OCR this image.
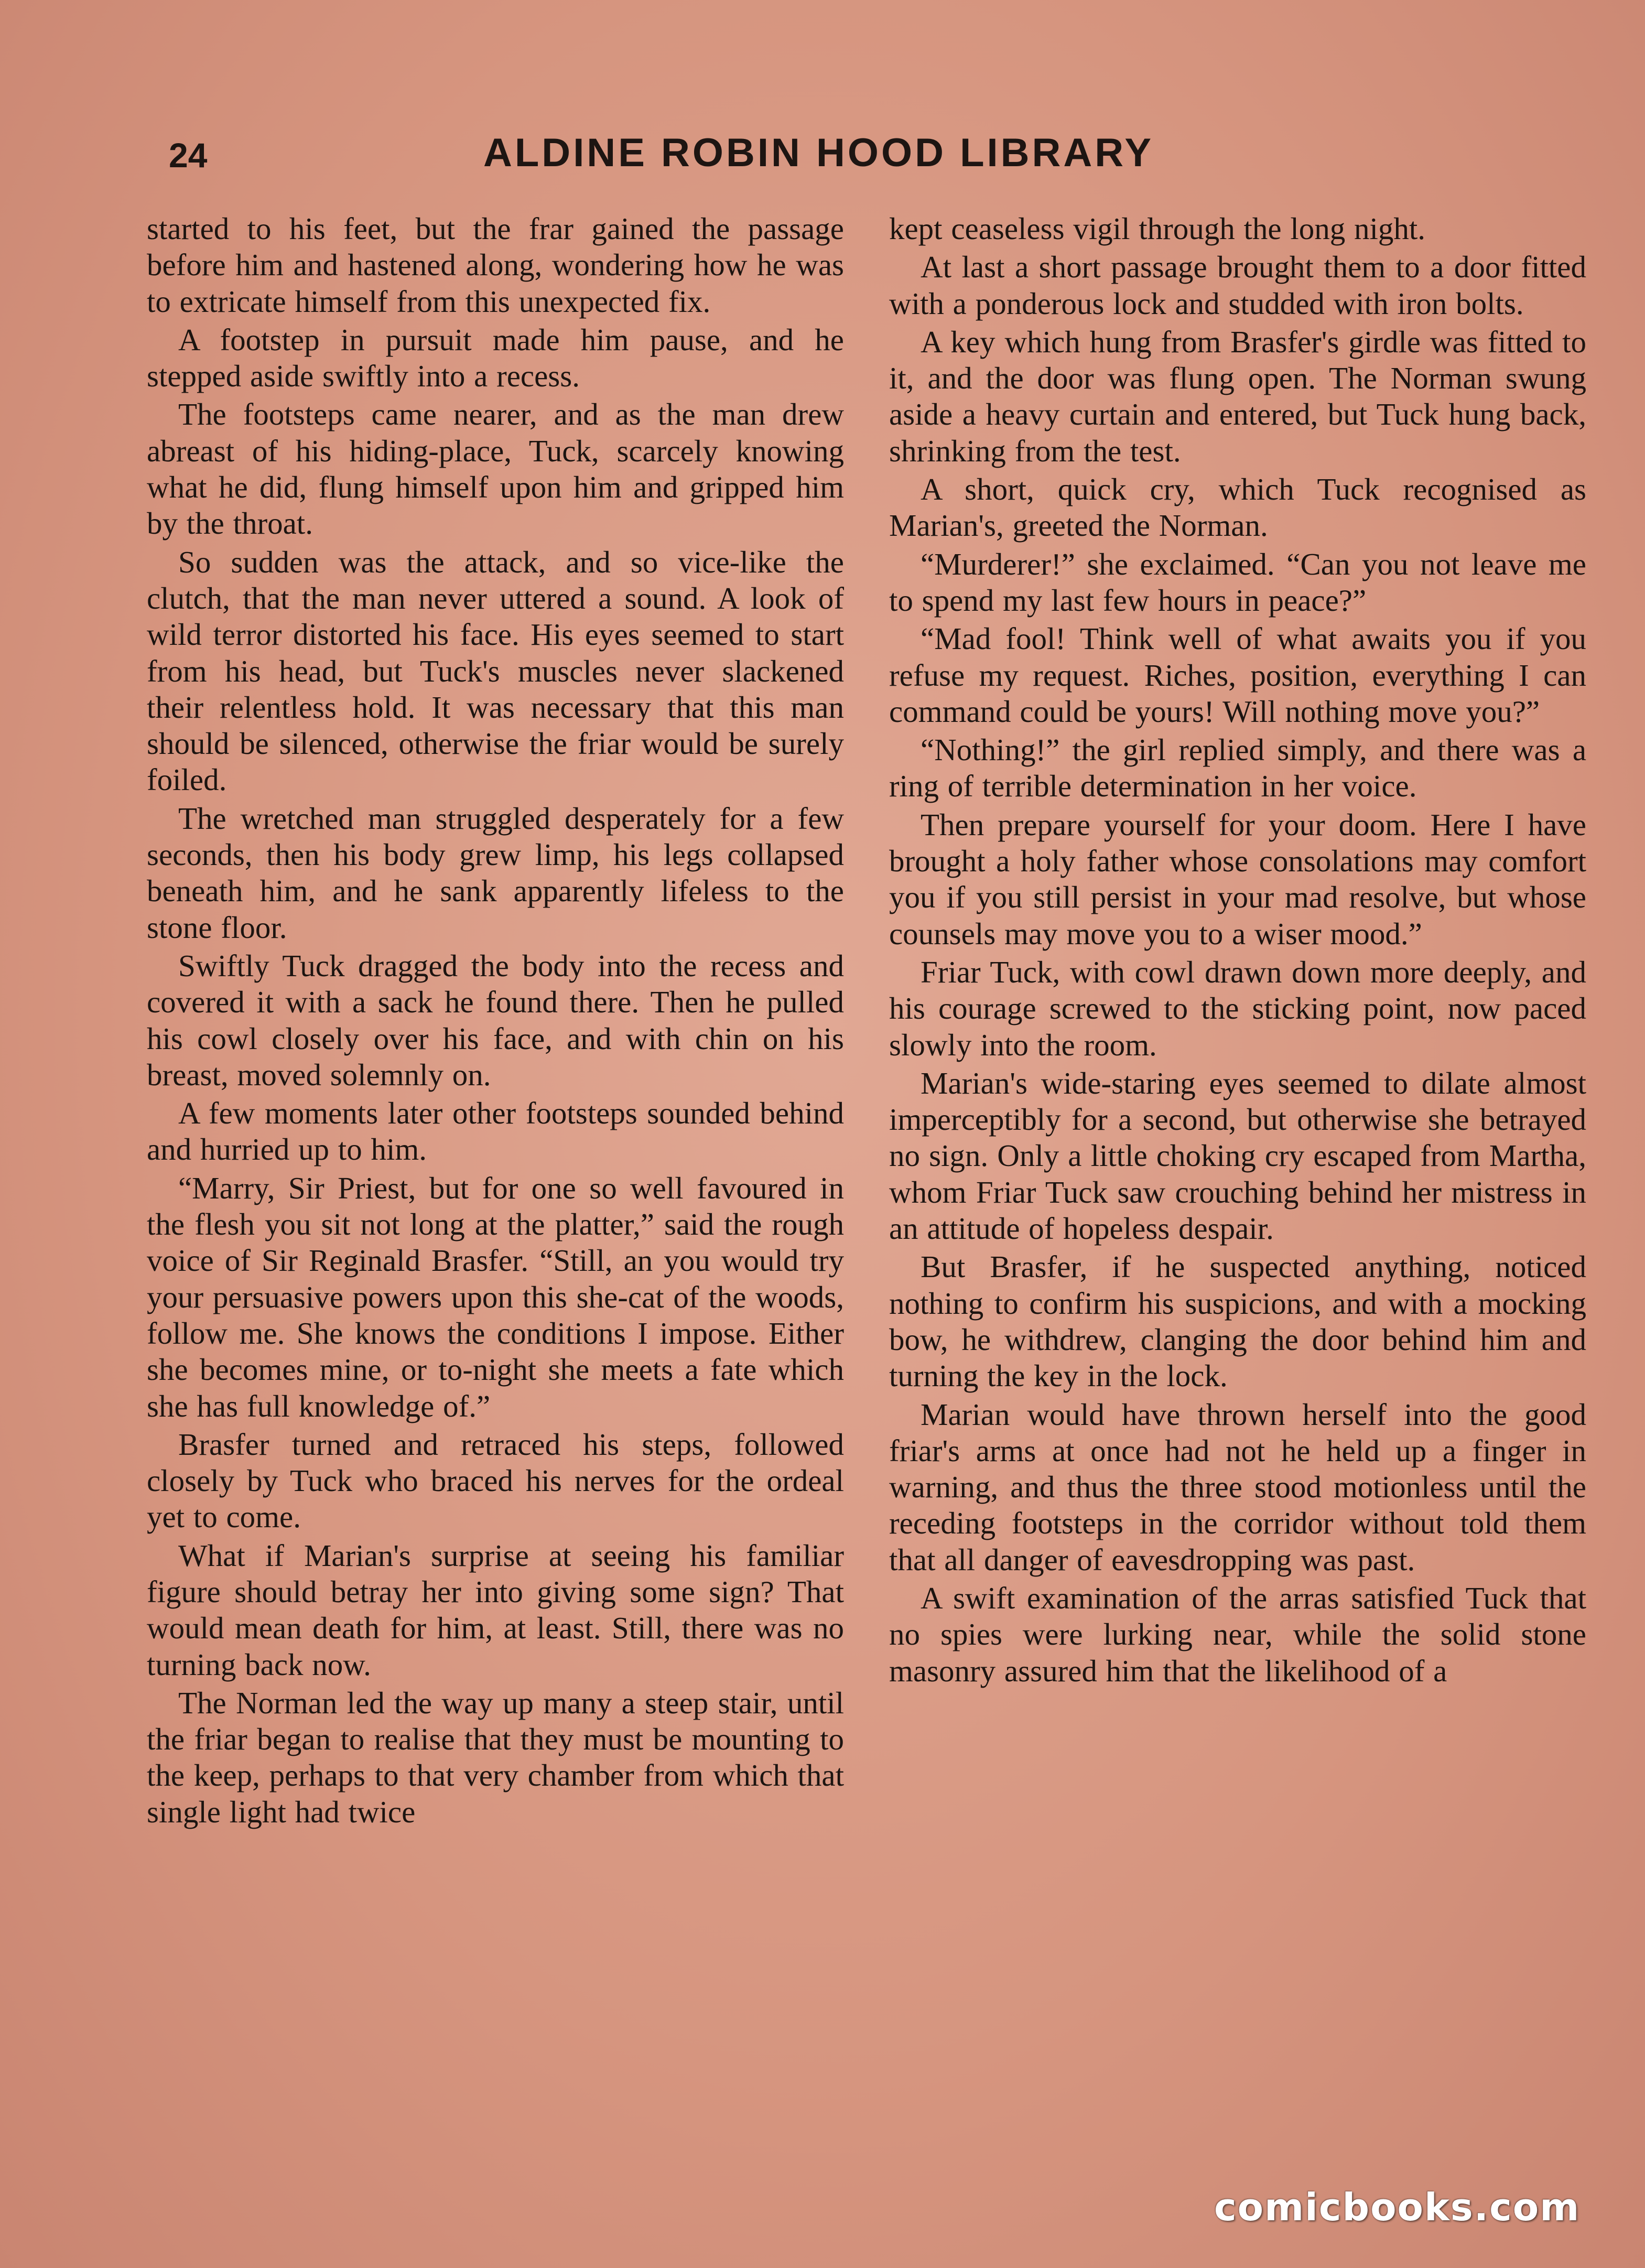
24	ALDINE ROBIN HOOD LIBRARY

started to his feet, but the frar gained the passage before him and hastened along, wondering how he was to extricate himself from this unexpected fix.

A footstep in pursuit made him pause, and he stepped aside swiftly into a recess.

The footsteps came nearer, and as the man drew abreast of his hiding-place, Tuck, scarcely knowing what he did, flung himself upon him and gripped him by the throat.

So sudden was the attack, and so vice-like the clutch, that the man never uttered a sound. A look of wild terror distorted his face. His eyes seemed to start from his head, but Tuck's muscles never slackened their relentless hold. It was necessary that this man should be silenced, otherwise the friar would be surely foiled.

The wretched man struggled desperately for a few seconds, then his body grew limp, his legs collapsed beneath him, and he sank apparently lifeless to the stone floor.

Swiftly Tuck dragged the body into the recess and covered it with a sack he found there. Then he pulled his cowl closely over his face, and with chin on his breast, moved solemnly on.

A few moments later other footsteps sounded behind and hurried up to him.

“Marry, Sir Priest, but for one so well favoured in the flesh you sit not long at the platter,” said the rough voice of Sir Reginald Brasfer. “Still, an you would try your persuasive powers upon this she-cat of the woods, follow me. She knows the conditions I impose. Either she becomes mine, or to-night she meets a fate which she has full knowledge of.”

Brasfer turned and retraced his steps, followed closely by Tuck who braced his nerves for the ordeal yet to come.

What if Marian's surprise at seeing his familiar figure should betray her into giving some sign? That would mean death for him, at least. Still, there was no turning back now.

The Norman led the way up many a steep stair, until the friar began to realise that they must be mounting to the keep, perhaps to that very chamber from which that single light had twice

kept ceaseless vigil through the long night.

At last a short passage brought them to a door fitted with a ponderous lock and studded with iron bolts.

A key which hung from Brasfer's girdle was fitted to it, and the door was flung open. The Norman swung aside a heavy curtain and entered, but Tuck hung back, shrinking from the test.

A short, quick cry, which Tuck recognised as Marian's, greeted the Norman.

“Murderer!” she exclaimed. “Can you not leave me to spend my last few hours in peace?”

“Mad fool! Think well of what awaits you if you refuse my request. Riches, position, everything I can command could be yours! Will nothing move you?”

“Nothing!” the girl replied simply, and there was a ring of terrible determination in her voice.

Then prepare yourself for your doom. Here I have brought a holy father whose consolations may comfort you if you still persist in your mad resolve, but whose counsels may move you to a wiser mood.”

Friar Tuck, with cowl drawn down more deeply, and his courage screwed to the sticking point, now paced slowly into the room.

Marian's wide-staring eyes seemed to dilate almost imperceptibly for a second, but otherwise she betrayed no sign. Only a little choking cry escaped from Martha, whom Friar Tuck saw crouching behind her mistress in an attitude of hopeless despair.

But Brasfer, if he suspected anything, noticed nothing to confirm his suspicions, and with a mocking bow, he withdrew, clanging the door behind him and turning the key in the lock.

Marian would have thrown herself into the good friar's arms at once had not he held up a finger in warning, and thus the three stood motionless until the receding footsteps in the corridor without told them that all danger of eavesdropping was past.

A swift examination of the arras satisfied Tuck that no spies were lurking near, while the solid stone masonry assured him that the likelihood of a

comicbooks.com
